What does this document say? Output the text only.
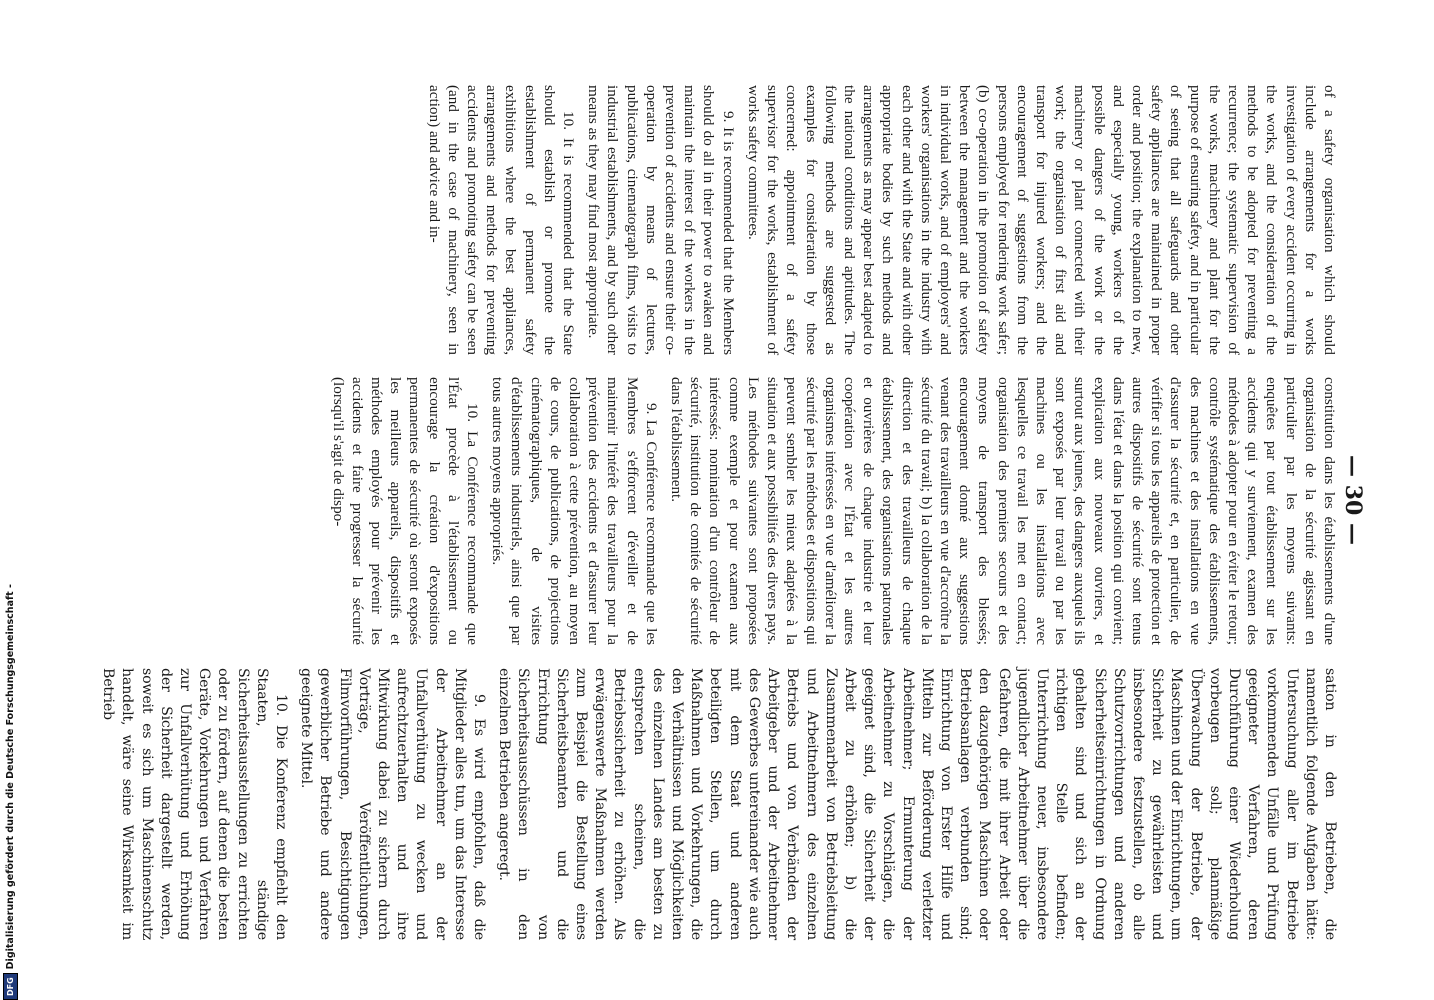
— 30 —

of a safety organisation which should include arrangements for a works investigation of every accident occurring in the works, and the consideration of the methods to be adopted for preventing a recurrence; the systematic supervision of the works, machinery and plant for the purpose of ensuring safety, and in particular of seeing that all safeguards and other safety appliances are maintained in proper order and position; the explanation to new, and especially young, workers of the possible dangers of the work or the machinery or plant connected with their work; the organisation of first aid and transport for injured workers; and the encouragement of suggestions from the persons employed for rendering work safer; (b) co-operation in the promotion of safety between the management and the workers in individual works, and of employers' and workers' organisations in the industry with each other and with the State and with other appropriate bodies by such methods and arrangements as may appear best adapted to the national conditions and aptitudes. The following methods are suggested as examples for consideration by those concerned: appointment of a safety supervisor for the works, establishment of works safety committees.

9. It is recommended that the Members should do all in their power to awaken and maintain the interest of the workers in the prevention of accidents and ensure their co-operation by means of lectures, publications, cinematograph films, visits to industrial establishments, and by such other means as they may find most appropriate.

10. It is recommended that the State should establish or promote the establishment of permanent safety exhibitions where the best appliances, arrangements and methods for preventing accidents and promoting safety can be seen (and in the case of machinery, seen in action) and advice and in-

constitution dans les établissements d'une organisation de la sécurité agissant en particulier par les moyens suivants: enquêtes par tout établissement sur les accidents qui y surviennent, examen des méthodes à adopter pour en éviter le retour; contrôle systématique des établissements, des machines et des installations en vue d'assurer la sécurité et, en particulier, de vérifier si tous les appareils de protection et autres dispositifs de sécurité sont tenus dans l'état et dans la position qui convient; explication aux nouveaux ouvriers, et surtout aux jeunes, des dangers auxquels ils sont exposés par leur travail ou par les machines ou les installations avec lesquelles ce travail les met en contact; organisation des premiers secours et des moyens de transport des blessés; encouragement donné aux suggestions venant des travailleurs en vue d'accroître la sécurité du travail; b) la collaboration de la direction et des travailleurs de chaque établissement, des organisations patronales et ouvrières de chaque industrie et leur coopération avec l'État et les autres organismes intéressés en vue d'améliorer la sécurité par les méthodes et dispositions qui peuvent sembler les mieux adaptées à la situation et aux possibilités des divers pays. Les méthodes suivantes sont proposées comme exemple et pour examen aux intéressés: nomination d'un contrôleur de sécurité, institution de comités de sécurité dans l'établissement.

9. La Conférence recommande que les Membres s'efforcent d'éveiller et de maintenir l'intérêt des travailleurs pour la prévention des accidents et d'assurer leur collaboration à cette prévention, au moyen de cours, de publications, de projections cinématographiques, de visites d'établissements industriels, ainsi que par tous autres moyens appropriés.

10. La Conférence recommande que l'État procède à l'établissement ou encourage la création d'expositions permanentes de sécurité où seront exposés les meilleurs appareils, dispositifs et méthodes employés pour prévenir les accidents et faire progresser la sécurité (lorsqu'il s'agit de dispo-

sation in den Betrieben, die namentlich folgende Aufgaben hätte: Untersuchung aller im Betriebe vorkommenden Unfälle und Prüfung geeigneter Verfahren, deren Durchführung einer Wiederholung vorbeugen soll; planmäßige Überwachung der Betriebe, der Maschinen und der Einrichtungen, um Sicherheit zu gewährleisten und insbesondere festzustellen, ob alle Schutzvorrichtungen und anderen Sicherheitseinrichtungen in Ordnung gehalten sind und sich an der richtigen Stelle befinden; Unterrichtung neuer, insbesondere jugendlicher Arbeitnehmer über die Gefahren, die mit ihrer Arbeit oder den dazugehörigen Maschinen oder Betriebsanlagen verbunden sind; Einrichtung von Erster Hilfe und Mitteln zur Beförderung verletzter Arbeitnehmer; Ermunterung der Arbeitnehmer zu Vorschlägen, die geeignet sind, die Sicherheit der Arbeit zu erhöhen; b) die Zusammenarbeit von Betriebsleitung und Arbeitnehmern des einzelnen Betriebs und von Verbänden der Arbeitgeber und der Arbeitnehmer des Gewerbes untereinander wie auch mit dem Staat und anderen beteiligten Stellen, um durch Maßnahmen und Vorkehrungen, die den Verhältnissen und Möglichkeiten des einzelnen Landes am besten zu entsprechen scheinen, die Betriebssicherheit zu erhöhen. Als erwägenswerte Maßnahmen werden zum Beispiel die Bestellung eines Sicherheitsbeamten und die Errichtung von Sicherheitsausschüssen in den einzelnen Betrieben angeregt.

9. Es wird empfohlen, daß die Mitglieder alles tun, um das Interesse der Arbeitnehmer an der Unfallverhütung zu wecken und aufrechtzuerhalten und ihre Mitwirkung dabei zu sichern durch Vorträge, Veröffentlichungen, Filmvorführungen, Besichtigungen gewerblicher Betriebe und andere geeignete Mittel.

10. Die Konferenz empfiehlt den Staaten, ständige Sicherheitsausstellungen zu errichten oder zu fördern, auf denen die besten Geräte, Vorkehrungen und Verfahren zur Unfallverhütung und Erhöhung der Sicherheit dargestellt werden, soweit es sich um Maschinenschutz handelt, wäre seine Wirksamkeit im Betrieb

DFG
Digitalisierung gefördert durch die Deutsche Forschungsgemeinschaft -
